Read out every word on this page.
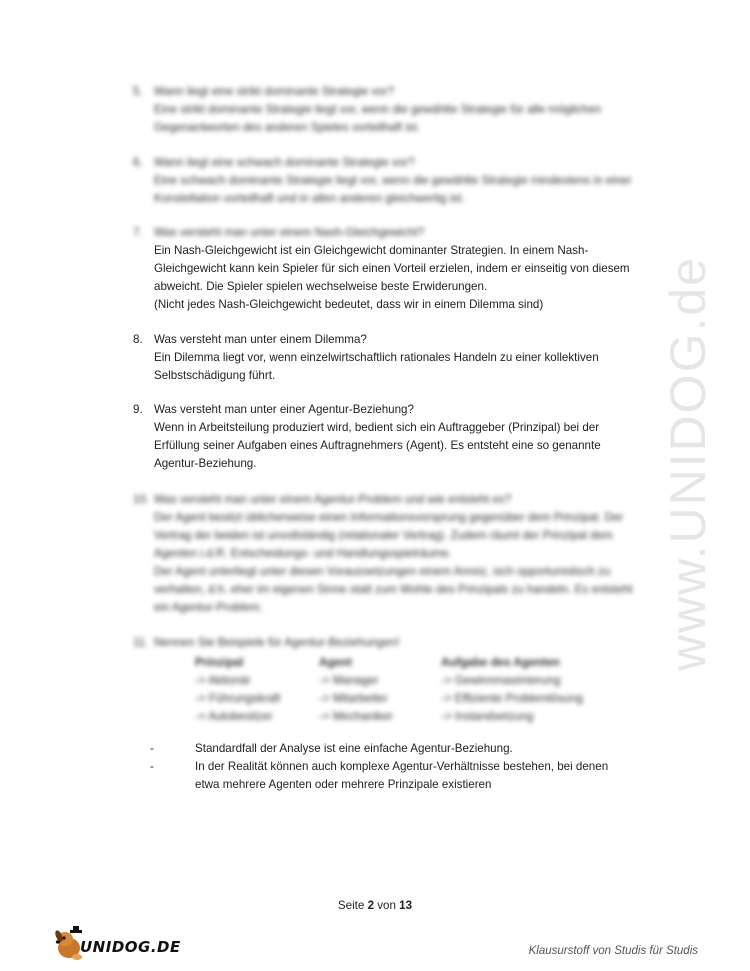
www.UNIDOG.de
5. Wann liegt eine strikt dominante Strategie vor?
Eine strikt dominante Strategie liegt vor, wenn die gewählte Strategie für alle möglichen Gegenantworten des anderen Spieles vorteilhaft ist.
6. Wann liegt eine schwach dominante Strategie vor?
Eine schwach dominante Strategie liegt vor, wenn die gewählte Strategie mindestens in einer Konstellation vorteilhaft und in allen anderen gleichwertig ist.
7. Was versteht man unter einem Nash-Gleichgewicht?
Ein Nash-Gleichgewicht ist ein Gleichgewicht dominanter Strategien. In einem Nash-Gleichgewicht kann kein Spieler für sich einen Vorteil erzielen, indem er einseitig von diesem abweicht. Die Spieler spielen wechselweise beste Erwiderungen.
(Nicht jedes Nash-Gleichgewicht bedeutet, dass wir in einem Dilemma sind)
8. Was versteht man unter einem Dilemma?
Ein Dilemma liegt vor, wenn einzelwirtschaftlich rationales Handeln zu einer kollektiven Selbstschädigung führt.
9. Was versteht man unter einer Agentur-Beziehung?
Wenn in Arbeitsteilung produziert wird, bedient sich ein Auftraggeber (Prinzipal) bei der Erfüllung seiner Aufgaben eines Auftragnehmers (Agent). Es entsteht eine so genannte Agentur-Beziehung.
10. Was versteht man unter einem Agentur-Problem und wie entsteht es?
Der Agent besitzt üblicherweise einen Informationsvorsprung gegenüber dem Prinzipal. Der Vertrag der beiden ist unvollständig (relationaler Vertrag). Zudem räumt der Prinzipal dem Agenten i.d.R. Entscheidungs- und Handlungsspielräume.
Der Agent unterliegt unter diesen Voraussetzungen einem Anreiz, sich opportunistisch zu verhalten, d.h. eher im eigenen Sinne statt zum Wohle des Prinzipals zu handeln. Es entsteht ein Agentur-Problem.
11. Nennen Sie Beispiele für Agentur-Beziehungen!
Prinzipal	Agent	Aufgabe des Agenten
-> Aktionär	-> Manager	-> Gewinnmaximierung
-> Führungskraft	-> Mitarbeiter	-> Effiziente Problemlösung
-> Autobesitzer	-> Mechaniker	-> Instandsetzung
-	Standardfall der Analyse ist eine einfache Agentur-Beziehung.
-	In der Realität können auch komplexe Agentur-Verhältnisse bestehen, bei denen etwa mehrere Agenten oder mehrere Prinzipale existieren
Seite 2 von 13
UNIDOG.DE	Klausurstoff von Studis für Studis
